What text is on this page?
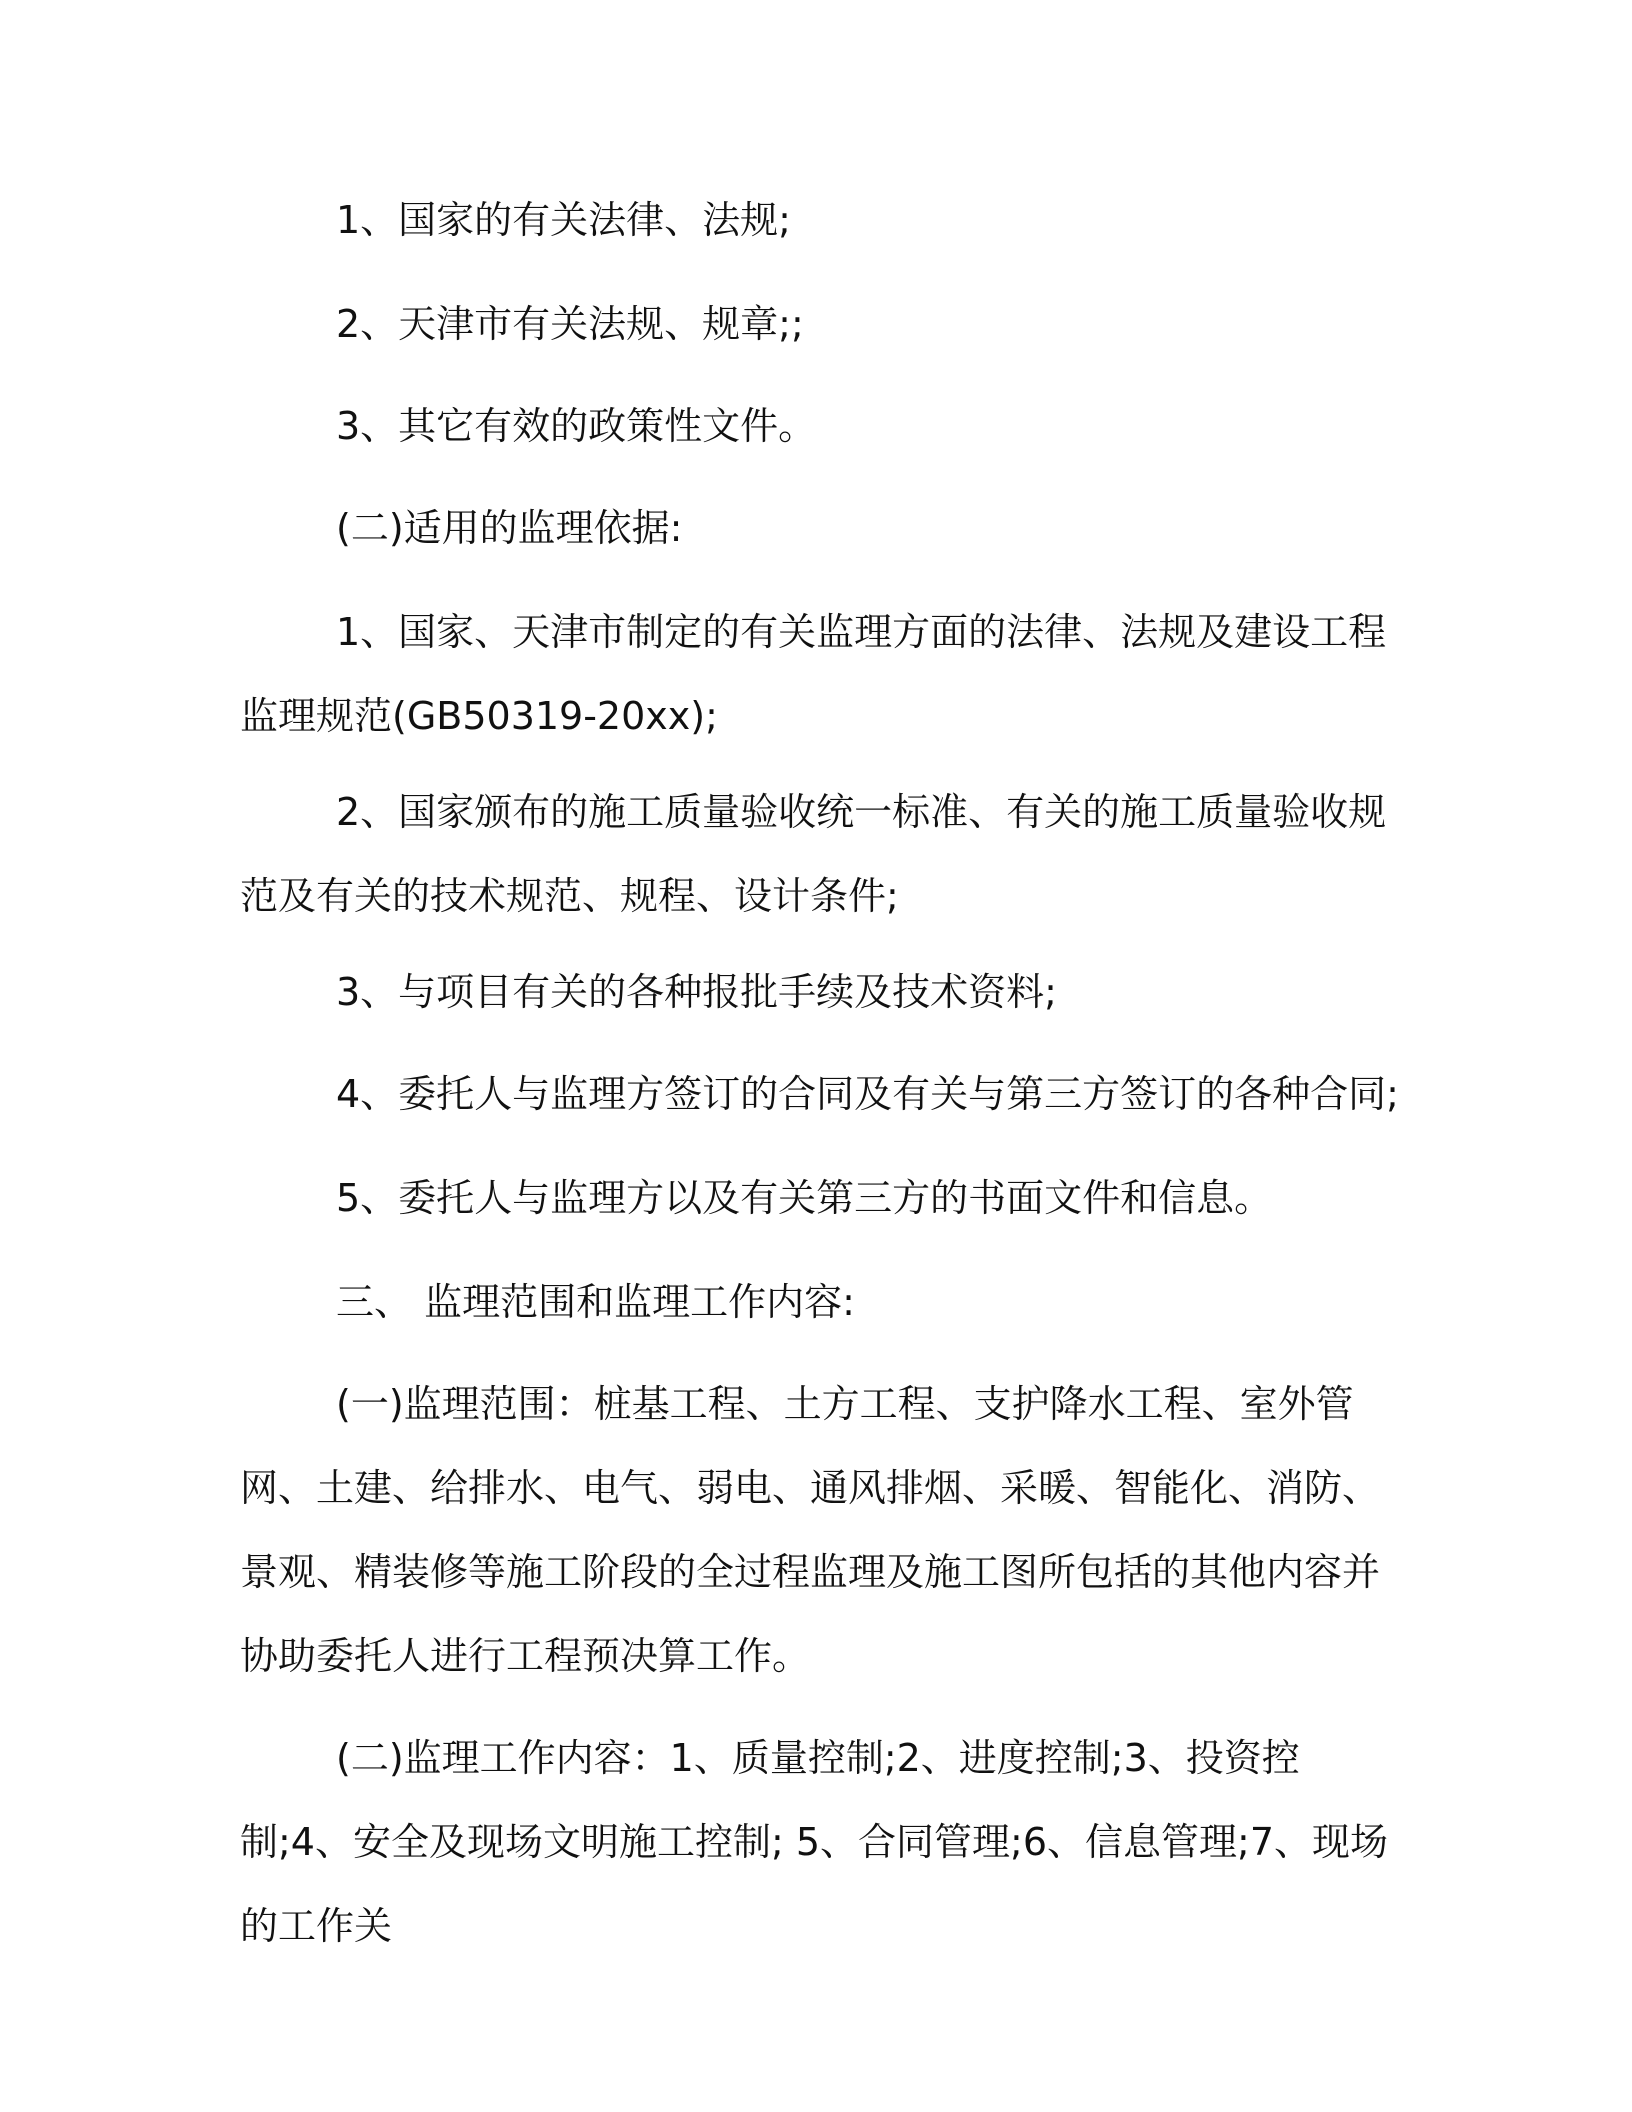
1、国家的有关法律、法规;

2、天津市有关法规、规章;;

3、其它有效的政策性文件。

(二)适用的监理依据:

1、国家、天津市制定的有关监理方面的法律、法规及建设工程监理规范(GB50319-20xx);

2、国家颁布的施工质量验收统一标准、有关的施工质量验收规范及有关的技术规范、规程、设计条件;

3、与项目有关的各种报批手续及技术资料;

4、委托人与监理方签订的合同及有关与第三方签订的各种合同;

5、委托人与监理方以及有关第三方的书面文件和信息。

三、 监理范围和监理工作内容:

(一)监理范围：桩基工程、土方工程、支护降水工程、室外管网、土建、给排水、电气、弱电、通风排烟、采暖、智能化、消防、景观、精装修等施工阶段的全过程监理及施工图所包括的其他内容并协助委托人进行工程预决算工作。

(二)监理工作内容：1、质量控制;2、进度控制;3、投资控制;4、安全及现场文明施工控制; 5、合同管理;6、信息管理;7、现场的工作关
